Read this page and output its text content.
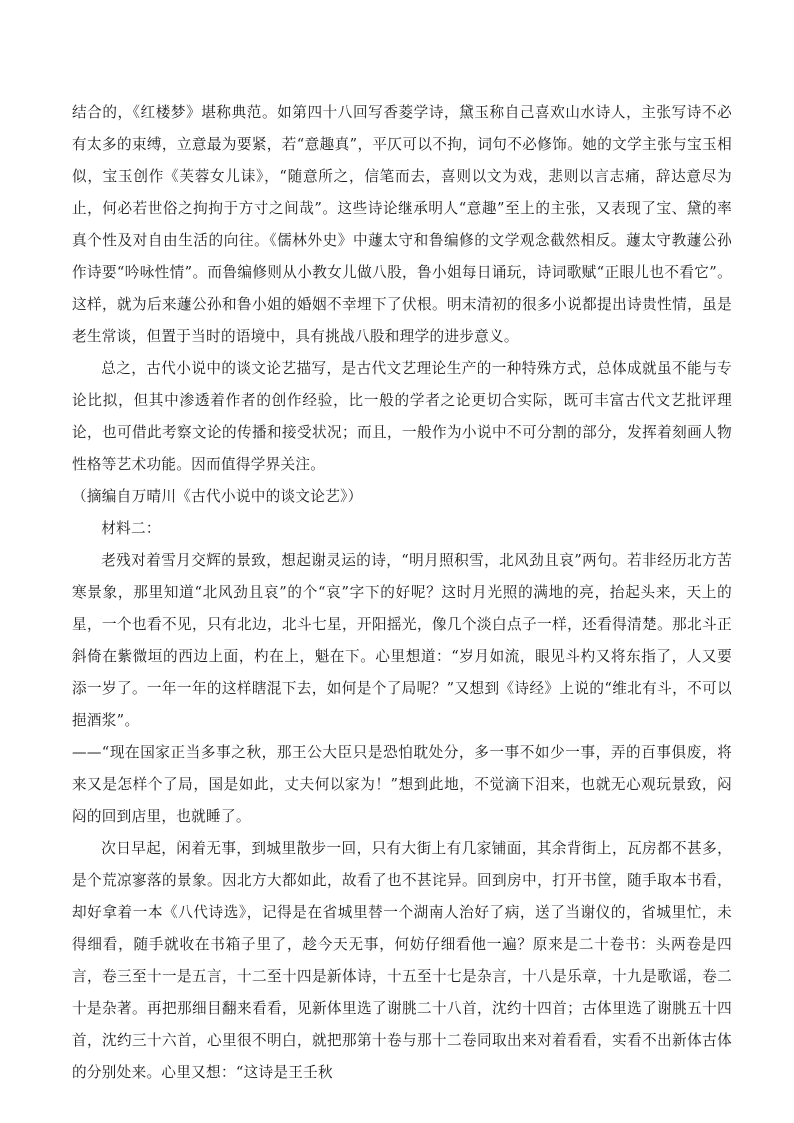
结合的，《红楼梦》堪称典范。如第四十八回写香菱学诗，黛玉称自己喜欢山水诗人，主张写诗不必有太多的束缚，立意最为要紧，若“意趣真”，平仄可以不拘，词句不必修饰。她的文学主张与宝玉相似，宝玉创作《芙蓉女儿诔》，“随意所之，信笔而去，喜则以文为戏，悲则以言志痛，辞达意尽为止，何必若世俗之拘拘于方寸之间哉”。这些诗论继承明人“意趣”至上的主张，又表现了宝、黛的率真个性及对自由生活的向往。《儒林外史》中蘧太守和鲁编修的文学观念截然相反。蘧太守教蘧公孙作诗要“吟咏性情”。而鲁编修则从小教女儿做八股，鲁小姐每日诵玩，诗词歌赋“正眼儿也不看它”。这样，就为后来蘧公孙和鲁小姐的婚姻不幸埋下了伏根。明末清初的很多小说都提出诗贵性情，虽是老生常谈，但置于当时的语境中，具有挑战八股和理学的进步意义。

总之，古代小说中的谈文论艺描写，是古代文艺理论生产的一种特殊方式，总体成就虽不能与专论比拟，但其中渗透着作者的创作经验，比一般的学者之论更切合实际，既可丰富古代文艺批评理论，也可借此考察文论的传播和接受状况；而且，一般作为小说中不可分割的部分，发挥着刻画人物性格等艺术功能。因而值得学界关注。

（摘编自万晴川《古代小说中的谈文论艺》）

材料二：

老残对着雪月交辉的景致，想起谢灵运的诗，“明月照积雪，北风劲且哀”两句。若非经历北方苦寒景象，那里知道“北风劲且哀”的个“哀”字下的好呢？这时月光照的满地的亮，抬起头来，天上的星，一个也看不见，只有北边，北斗七星，开阳摇光，像几个淡白点子一样，还看得清楚。那北斗正斜倚在紫微垣的西边上面，杓在上，魁在下。心里想道：“岁月如流，眼见斗杓又将东指了，人又要添一岁了。一年一年的这样瞎混下去，如何是个了局呢？”又想到《诗经》上说的“维北有斗，不可以挹酒浆”。

——“现在国家正当多事之秋，那王公大臣只是恐怕耽处分，多一事不如少一事，弄的百事俱废，将来又是怎样个了局，国是如此，丈夫何以家为！”想到此地，不觉滴下泪来，也就无心观玩景致，闷闷的回到店里，也就睡了。

次日早起，闲着无事，到城里散步一回，只有大街上有几家铺面，其余背街上，瓦房都不甚多，是个荒凉寥落的景象。因北方大都如此，故看了也不甚诧异。回到房中，打开书筐，随手取本书看，却好拿着一本《八代诗选》，记得是在省城里替一个湖南人治好了病，送了当谢仪的，省城里忙，未得细看，随手就收在书箱子里了，趁今天无事，何妨仔细看他一遍？原来是二十卷书：头两卷是四言，卷三至十一是五言，十二至十四是新体诗，十五至十七是杂言，十八是乐章，十九是歌谣，卷二十是杂著。再把那细目翻来看看，见新体里选了谢朓二十八首，沈约十四首；古体里选了谢朓五十四首，沈约三十六首，心里很不明白，就把那第十卷与那十二卷同取出来对着看看，实看不出新体古体的分别处来。心里又想：“这诗是王壬秋
